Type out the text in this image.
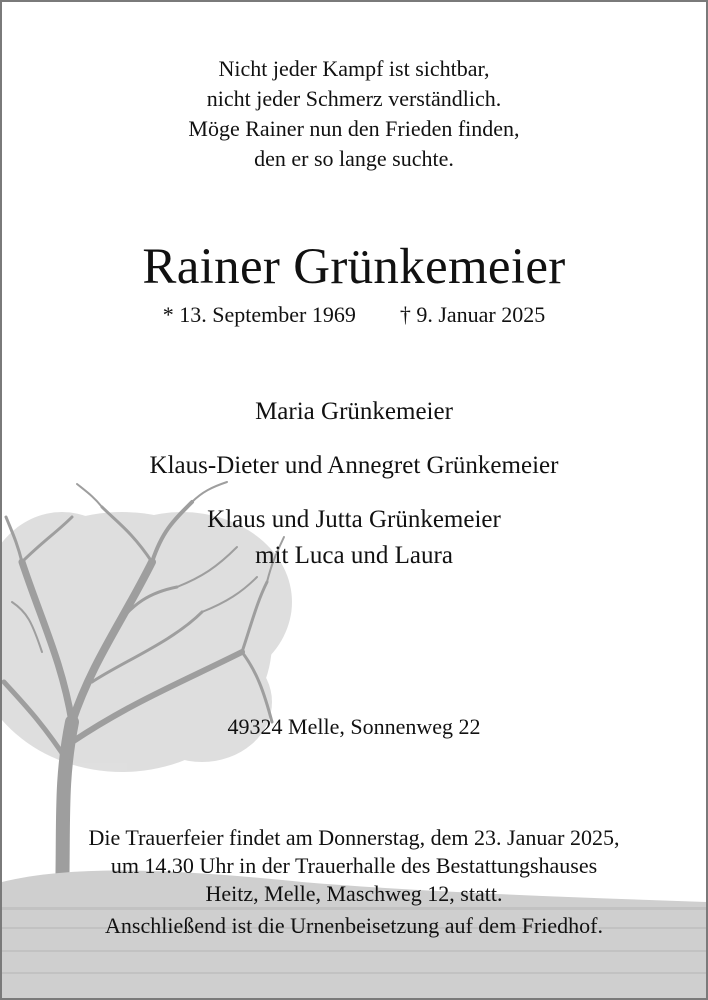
Nicht jeder Kampf ist sichtbar,
nicht jeder Schmerz verständlich.
Möge Rainer nun den Frieden finden,
den er so lange suchte.
Rainer Grünkemeier
* 13. September 1969 † 9. Januar 2025
Maria Grünkemeier
Klaus-Dieter und Annegret Grünkemeier
Klaus und Jutta Grünkemeier
mit Luca und Laura
49324 Melle, Sonnenweg 22
Die Trauerfeier findet am Donnerstag, dem 23. Januar 2025,
um 14.30 Uhr in der Trauerhalle des Bestattungshauses
Heitz, Melle, Maschweg 12, statt.
Anschließend ist die Urnenbeisetzung auf dem Friedhof.
